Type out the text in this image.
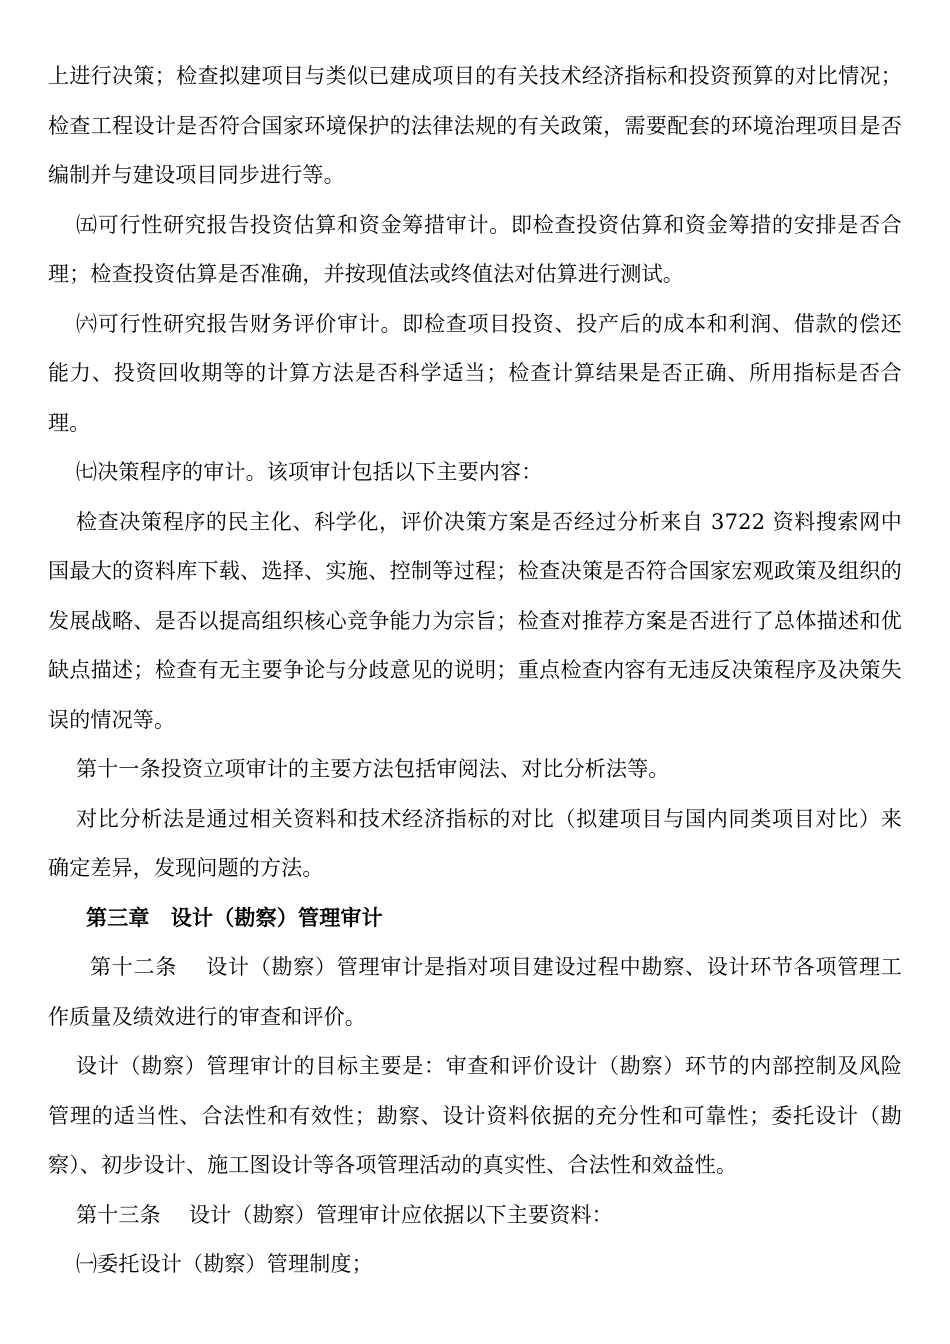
上进行决策；检查拟建项目与类似已建成项目的有关技术经济指标和投资预算的对比情况；检查工程设计是否符合国家环境保护的法律法规的有关政策，需要配套的环境治理项目是否编制并与建设项目同步进行等。

㈤可行性研究报告投资估算和资金筹措审计。即检查投资估算和资金筹措的安排是否合理；检查投资估算是否准确，并按现值法或终值法对估算进行测试。

㈥可行性研究报告财务评价审计。即检查项目投资、投产后的成本和利润、借款的偿还能力、投资回收期等的计算方法是否科学适当；检查计算结果是否正确、所用指标是否合理。

㈦决策程序的审计。该项审计包括以下主要内容：

检查决策程序的民主化、科学化，评价决策方案是否经过分析来自 3722 资料搜索网中国最大的资料库下载、选择、实施、控制等过程；检查决策是否符合国家宏观政策及组织的发展战略、是否以提高组织核心竞争能力为宗旨；检查对推荐方案是否进行了总体描述和优缺点描述；检查有无主要争论与分歧意见的说明；重点检查内容有无违反决策程序及决策失误的情况等。

第十一条投资立项审计的主要方法包括审阅法、对比分析法等。

对比分析法是通过相关资料和技术经济指标的对比（拟建项目与国内同类项目对比）来确定差异，发现问题的方法。

第三章　设计（勘察）管理审计

第十二条　 设计（勘察）管理审计是指对项目建设过程中勘察、设计环节各项管理工作质量及绩效进行的审查和评价。

设计（勘察）管理审计的目标主要是：审查和评价设计（勘察）环节的内部控制及风险管理的适当性、合法性和有效性；勘察、设计资料依据的充分性和可靠性；委托设计（勘察）、初步设计、施工图设计等各项管理活动的真实性、合法性和效益性。

第十三条　 设计（勘察）管理审计应依据以下主要资料：

㈠委托设计（勘察）管理制度；
